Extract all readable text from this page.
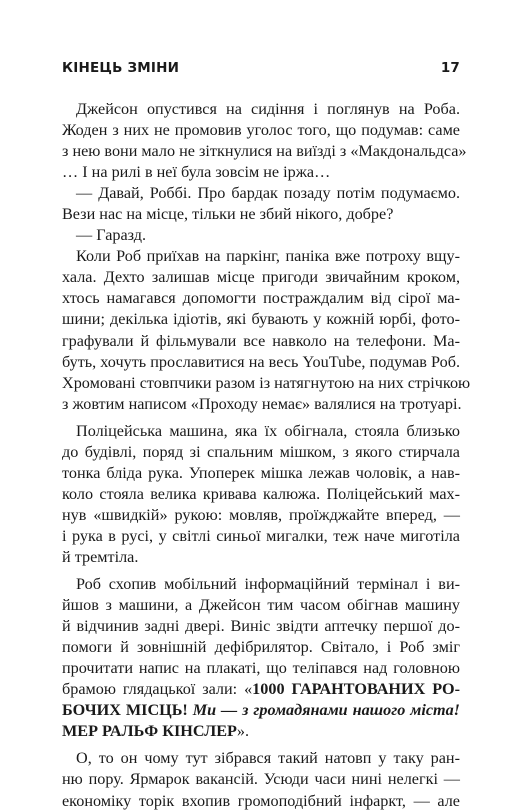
КІНЕЦЬ ЗМІНИ	17
Джейсон опустився на сидіння і поглянув на Роба.
Жоден з них не промовив уголос того, що подумав: саме
з нею вони мало не зіткнулися на виїзді з «Макдональдса»
… І на рилі в неї була зовсім не іржа…
— Давай, Роббі. Про бардак позаду потім подумаємо.
Вези нас на місце, тільки не збий нікого, добре?
— Гаразд.
Коли Роб приїхав на паркінг, паніка вже потроху вщу-
хала. Дехто залишав місце пригоди звичайним кроком,
хтось намагався допомогти постраждалим від сірої ма-
шини; декілька ідіотів, які бувають у кожній юрбі, фото-
графували й фільмували все навколо на телефони. Ма-
буть, хочуть прославитися на весь YouTube, подумав Роб.
Хромовані стовпчики разом із натягнутою на них стрічкою
з жовтим написом «Проходу немає» валялися на тротуарі.
Поліцейська машина, яка їх обігнала, стояла близько
до будівлі, поряд зі спальним мішком, з якого стирчала
тонка бліда рука. Упоперек мішка лежав чоловік, а нав-
коло стояла велика кривава калюжа. Поліцейський мах-
нув «швидкій» рукою: мовляв, проїжджайте вперед, —
і рука в русі, у світлі синьої мигалки, теж наче миготіла
й тремтіла.
Роб схопив мобільний інформаційний термінал і ви-
йшов з машини, а Джейсон тим часом обігнав машину
й відчинив задні двері. Виніс звідти аптечку першої до-
помоги й зовнішній дефібрилятор. Світало, і Роб зміг
прочитати напис на плакаті, що теліпався над головною
брамою глядацької зали: «1000 ГАРАНТОВАНИХ РО-
БОЧИХ МІСЦЬ! Ми — з громадянами нашого міста!
МЕР РАЛЬФ КІНСЛЕР».
О, то он чому тут зібрався такий натовп у таку ран-
ню пору. Ярмарок вакансій. Усюди часи нині нелегкі —
економіку торік вхопив громоподібний інфаркт, — але
